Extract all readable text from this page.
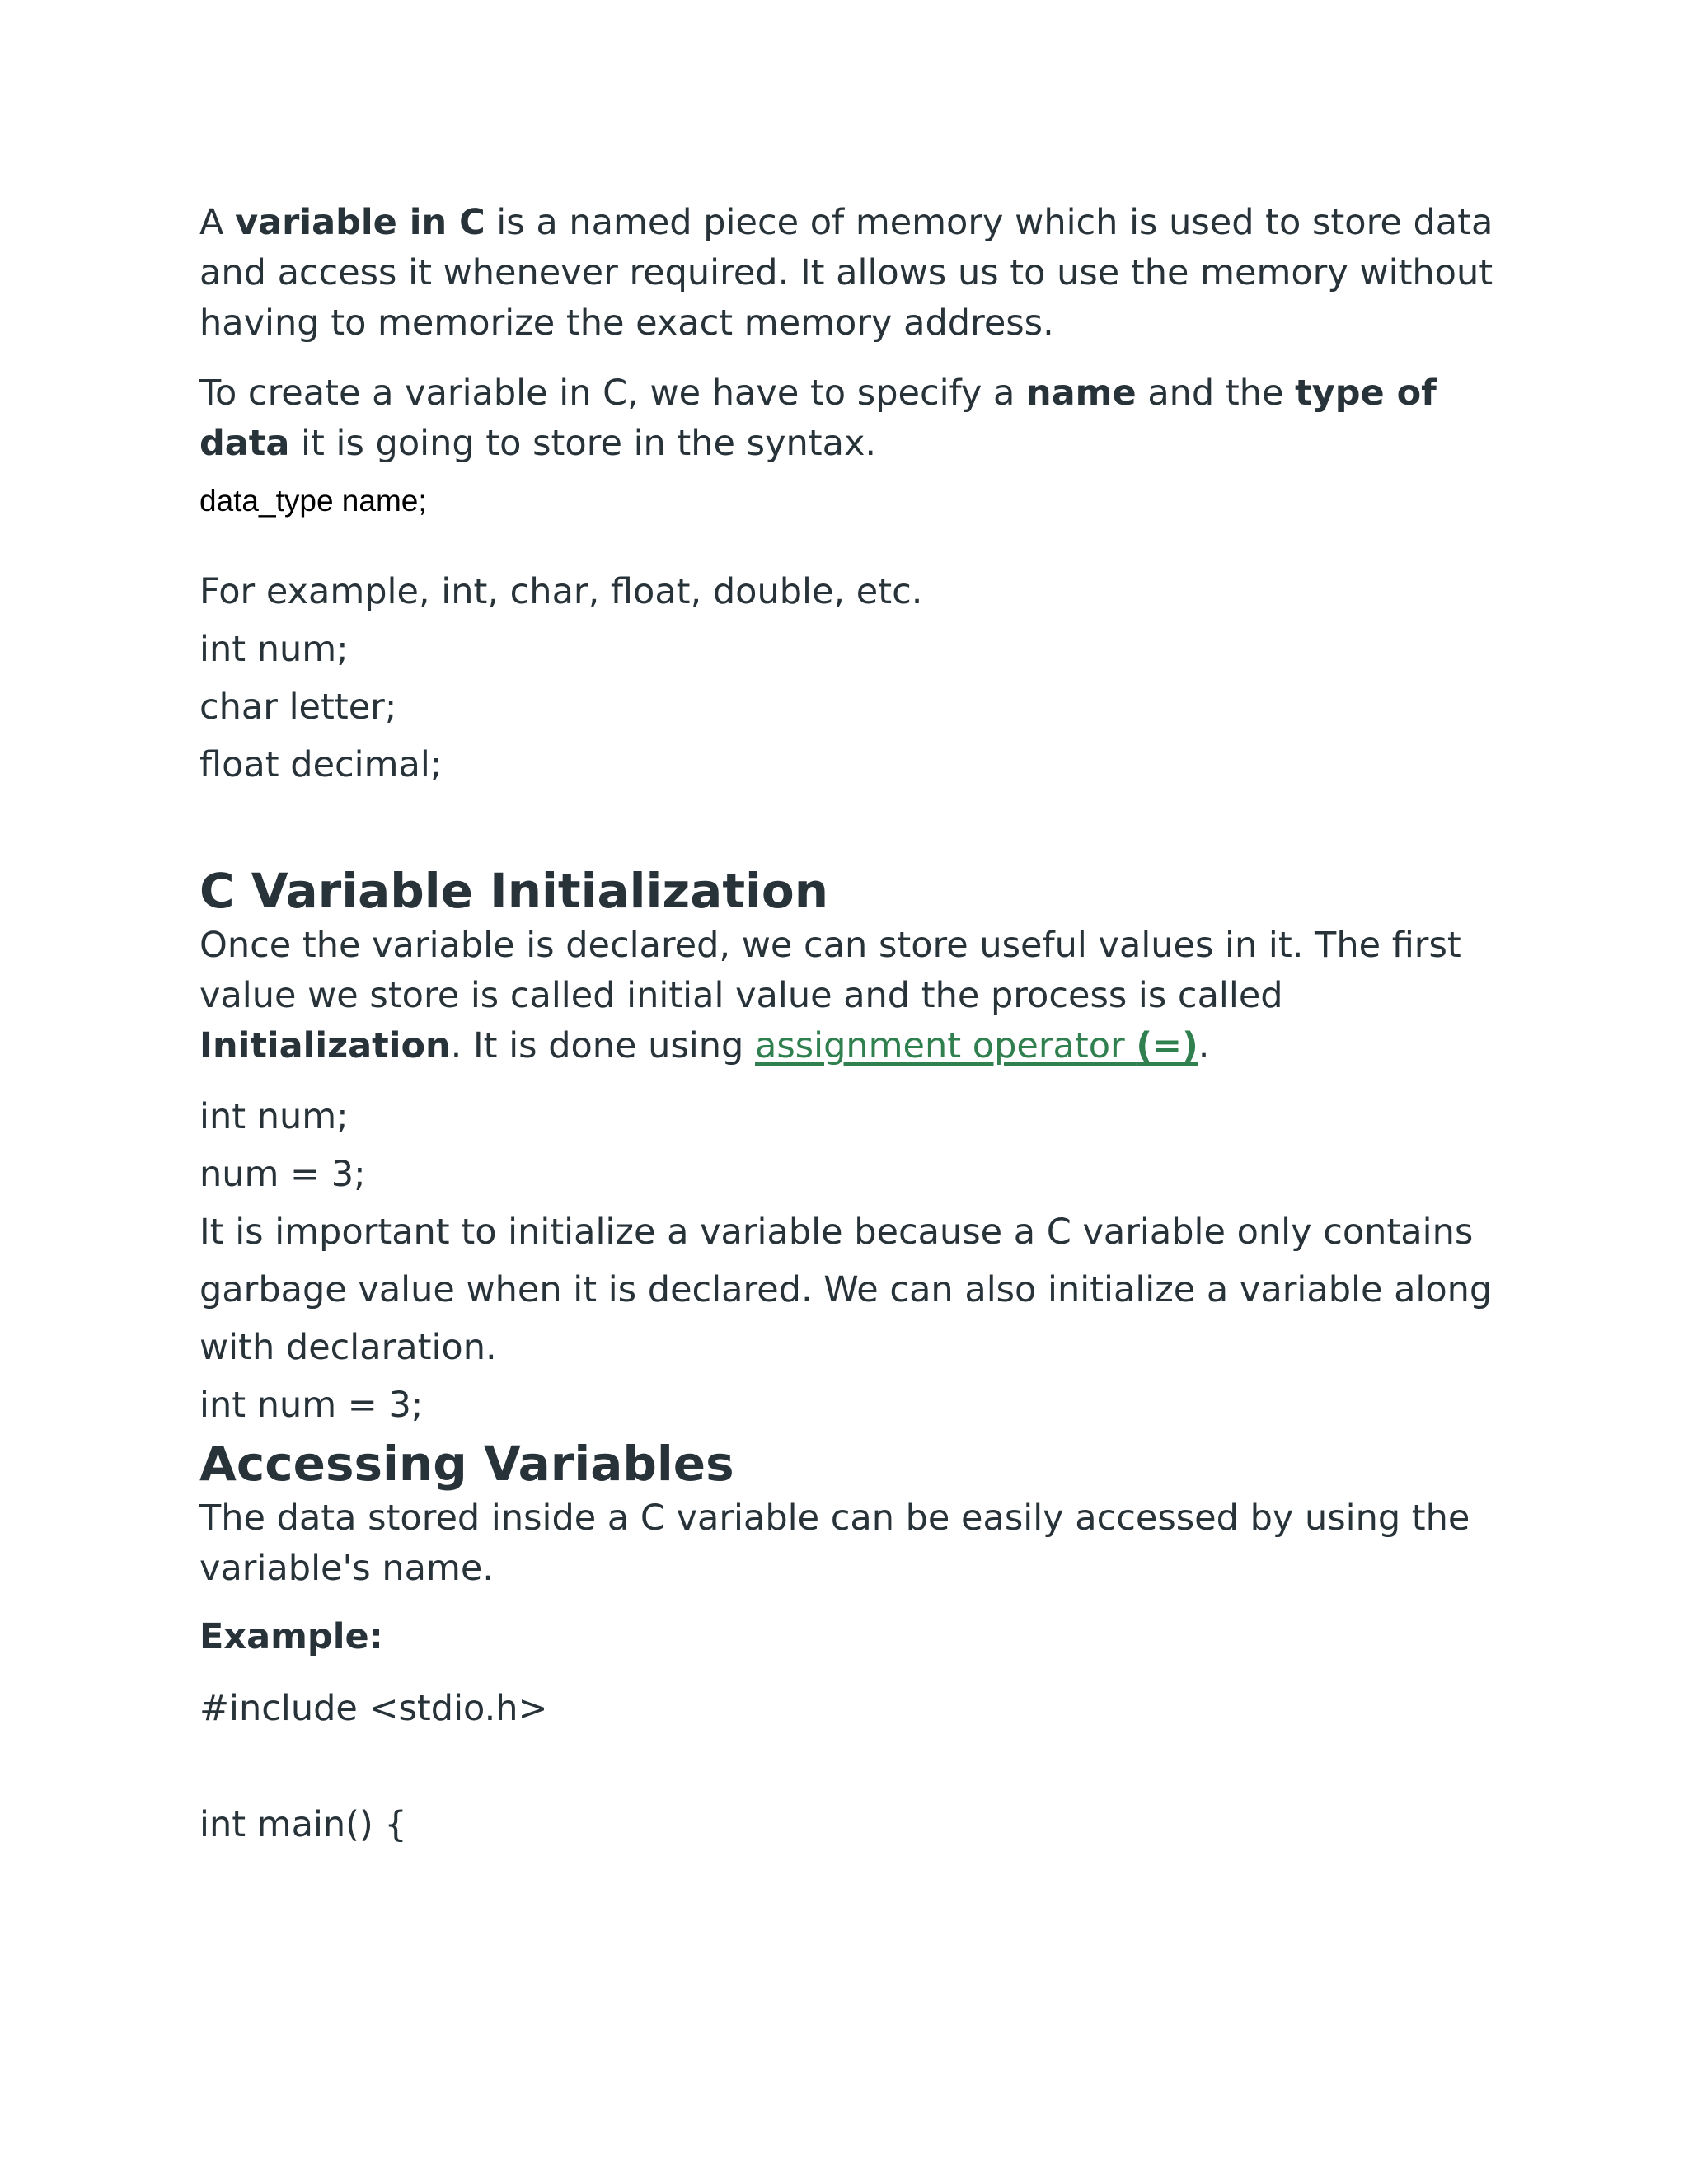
A variable in C is a named piece of memory which is used to store data and access it whenever required. It allows us to use the memory without having to memorize the exact memory address.

To create a variable in C, we have to specify a name and the type of data it is going to store in the syntax.

data_type name;

For example, int, char, float, double, etc.

int num;

char letter;

float decimal;

C Variable Initialization

Once the variable is declared, we can store useful values in it. The first value we store is called initial value and the process is called Initialization. It is done using assignment operator (=).

int num;

num = 3;

It is important to initialize a variable because a C variable only contains garbage value when it is declared. We can also initialize a variable along with declaration.

int num = 3;

Accessing Variables

The data stored inside a C variable can be easily accessed by using the variable's name.

Example:

#include <stdio.h>

int main() {
